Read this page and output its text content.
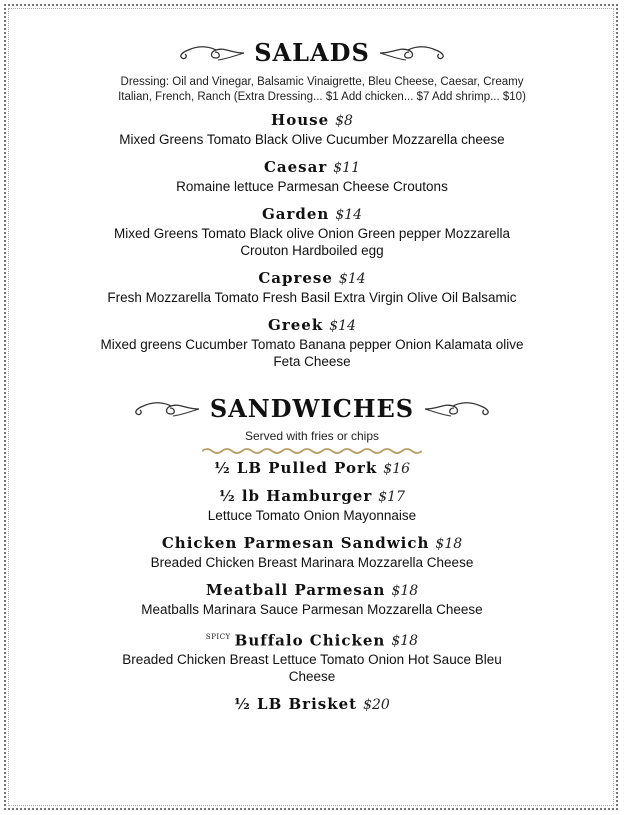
SALADS
Dressing: Oil and Vinegar, Balsamic Vinaigrette, Bleu Cheese, Caesar, Creamy
Italian, French, Ranch (Extra Dressing... $1 Add chicken... $7 Add shrimp... $10)
House $8
Mixed Greens Tomato Black Olive Cucumber Mozzarella cheese
Caesar $11
Romaine lettuce Parmesan Cheese Croutons
Garden $14
Mixed Greens Tomato Black olive Onion Green pepper Mozzarella
Crouton Hardboiled egg
Caprese $14
Fresh Mozzarella Tomato Fresh Basil Extra Virgin Olive Oil Balsamic
Greek $14
Mixed greens Cucumber Tomato Banana pepper Onion Kalamata olive
Feta Cheese
SANDWICHES
Served with fries or chips
½ LB Pulled Pork $16
½ lb Hamburger $17
Lettuce Tomato Onion Mayonnaise
Chicken Parmesan Sandwich $18
Breaded Chicken Breast Marinara Mozzarella Cheese
Meatball Parmesan $18
Meatballs Marinara Sauce Parmesan Mozzarella Cheese
$^{SPICY}$ Buffalo Chicken $18
Breaded Chicken Breast Lettuce Tomato Onion Hot Sauce Bleu
Cheese
½ LB Brisket $20
